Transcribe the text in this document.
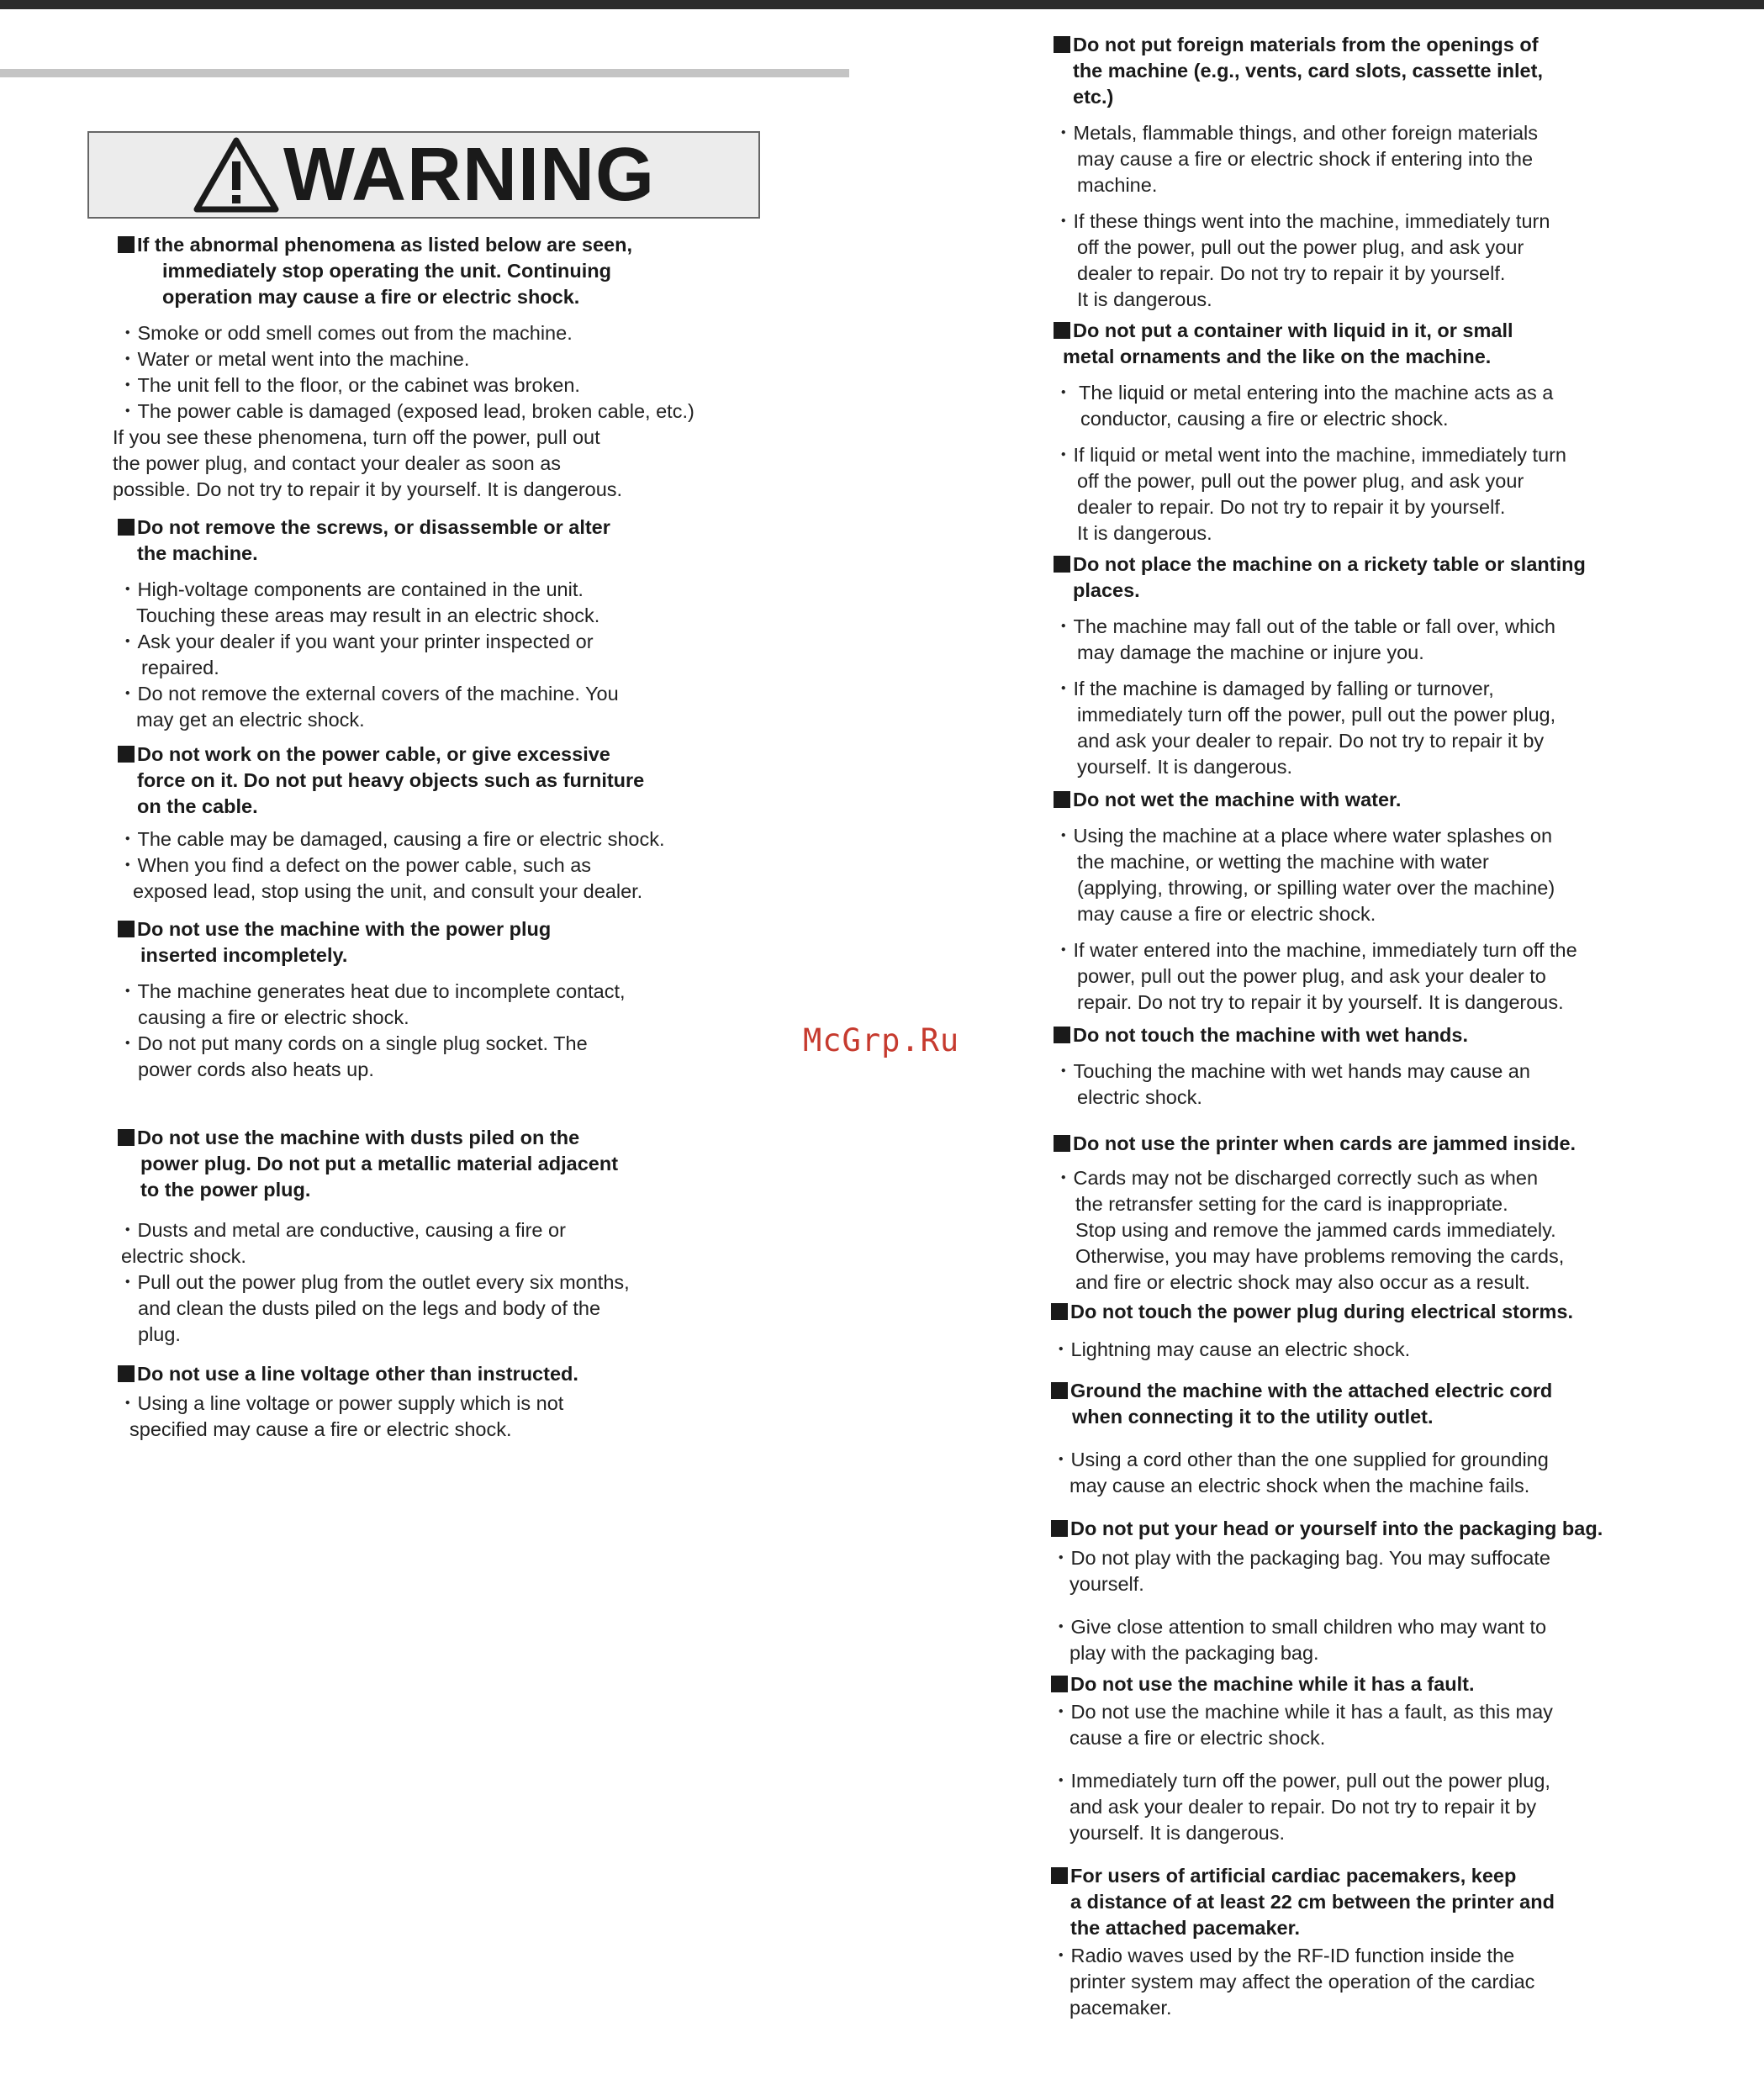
WARNING
If the abnormal phenomena as listed below are seen,
immediately stop operating the unit. Continuing
operation may cause a fire or electric shock.
・Smoke or odd smell comes out from the machine.
・Water or metal went into the machine.
・The unit fell to the floor, or the cabinet was broken.
・The power cable is damaged (exposed lead, broken cable, etc.)
If you see these phenomena, turn off the power, pull out
the power plug, and contact your dealer as soon as
possible. Do not try to repair it by yourself. It is dangerous.
Do not remove the screws, or disassemble or alter
the machine.
・High-voltage components are contained in the unit.
Touching these areas may result in an electric shock.
・Ask your dealer if you want your printer inspected or
repaired.
・Do not remove the external covers of the machine. You
may get an electric shock.
Do not work on the power cable, or give excessive
force on it. Do not put heavy objects such as furniture
on the cable.
・The cable may be damaged, causing a fire or electric shock.
・When you find a defect on the power cable, such as
exposed lead, stop using the unit, and consult your dealer.
Do not use the machine with the power plug
inserted incompletely.
・The machine generates heat due to incomplete contact,
causing a fire or electric shock.
・Do not put many cords on a single plug socket. The
power cords also heats up.
Do not use the machine with dusts piled on the
power plug. Do not put a metallic material adjacent
to the power plug.
・Dusts and metal are conductive, causing a fire or
electric shock.
・Pull out the power plug from the outlet every six months,
and clean the dusts piled on the legs and body of the
plug.
Do not use a line voltage other than instructed.
・Using a line voltage or power supply which is not
specified may cause a fire or electric shock.
McGrp.Ru
Do not put foreign materials from the openings of
the machine (e.g., vents, card slots, cassette inlet,
etc.)
・Metals, flammable things, and other foreign materials
may cause a fire or electric shock if entering into the
machine.
・If these things went into the machine, immediately turn
off the power, pull out the power plug, and ask your
dealer to repair. Do not try to repair it by yourself.
It is dangerous.
Do not put a container with liquid in it, or small
metal ornaments and the like on the machine.
・ The liquid or metal entering into the machine acts as a
conductor, causing a fire or electric shock.
・If liquid or metal went into the machine, immediately turn
off the power, pull out the power plug, and ask your
dealer to repair. Do not try to repair it by yourself.
It is dangerous.
Do not place the machine on a rickety table or slanting
places.
・The machine may fall out of the table or fall over, which
may damage the machine or injure you.
・If the machine is damaged by falling or turnover,
immediately turn off the power, pull out the power plug,
and ask your dealer to repair. Do not try to repair it by
yourself. It is dangerous.
Do not wet the machine with water.
・Using the machine at a place where water splashes on
the machine, or wetting the machine with water
(applying, throwing, or spilling water over the machine)
may cause a fire or electric shock.
・If water entered into the machine, immediately turn off the
power, pull out the power plug, and ask your dealer to
repair. Do not try to repair it by yourself. It is dangerous.
Do not touch the machine with wet hands.
・Touching the machine with wet hands may cause an
electric shock.
Do not use the printer when cards are jammed inside.
・Cards may not be discharged correctly such as when
the retransfer setting for the card is inappropriate.
Stop using and remove the jammed cards immediately.
Otherwise, you may have problems removing the cards,
and fire or electric shock may also occur as a result.
Do not touch the power plug during electrical storms.
・Lightning may cause an electric shock.
Ground the machine with the attached electric cord
when connecting it to the utility outlet.
・Using a cord other than the one supplied for grounding
may cause an electric shock when the machine fails.
Do not put your head or yourself into the packaging bag.
・Do not play with the packaging bag. You may suffocate
yourself.
・Give close attention to small children who may want to
play with the packaging bag.
Do not use the machine while it has a fault.
・Do not use the machine while it has a fault, as this may
cause a fire or electric shock.
・Immediately turn off the power, pull out the power plug,
and ask your dealer to repair. Do not try to repair it by
yourself. It is dangerous.
For users of artificial cardiac pacemakers, keep
a distance of at least 22 cm between the printer and
the attached pacemaker.
・Radio waves used by the RF-ID function inside the
printer system may affect the operation of the cardiac
pacemaker.
